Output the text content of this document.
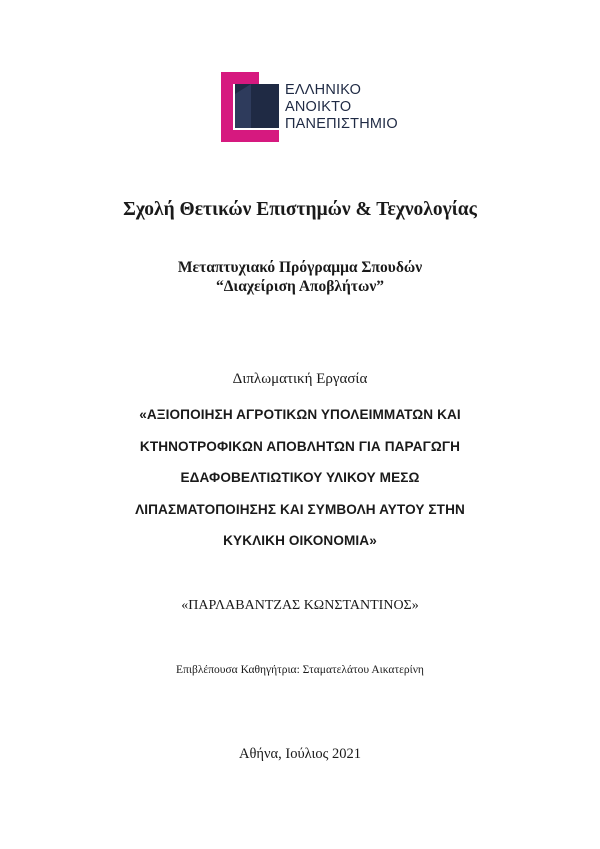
ΕΛΛΗΝΙΚΟ
ΑΝΟΙΚΤΟ
ΠΑΝΕΠΙΣΤΗΜΙΟ
Σχολή Θετικών Επιστημών & Τεχνολογίας
Μεταπτυχιακό Πρόγραμμα Σπουδών
“Διαχείριση Αποβλήτων”
Διπλωματική Εργασία
«ΑΞΙΟΠΟΙΗΣΗ ΑΓΡΟΤΙΚΩΝ ΥΠΟΛΕΙΜΜΑΤΩΝ ΚΑΙ
ΚΤΗΝΟΤΡΟΦΙΚΩΝ ΑΠΟΒΛΗΤΩΝ ΓΙΑ ΠΑΡΑΓΩΓΗ
ΕΔΑΦΟΒΕΛΤΙΩΤΙΚΟΥ ΥΛΙΚΟΥ ΜΕΣΩ
ΛΙΠΑΣΜΑΤΟΠΟΙΗΣΗΣ ΚΑΙ ΣΥΜΒΟΛΗ ΑΥΤΟΥ ΣΤΗΝ
ΚΥΚΛΙΚΗ ΟΙΚΟΝΟΜΙΑ»
«ΠΑΡΛΑΒΑΝΤΖΑΣ ΚΩΝΣΤΑΝΤΙΝΟΣ»
Επιβλέπουσα Καθηγήτρια: Σταματελάτου Αικατερίνη
Αθήνα, Ιούλιος 2021
